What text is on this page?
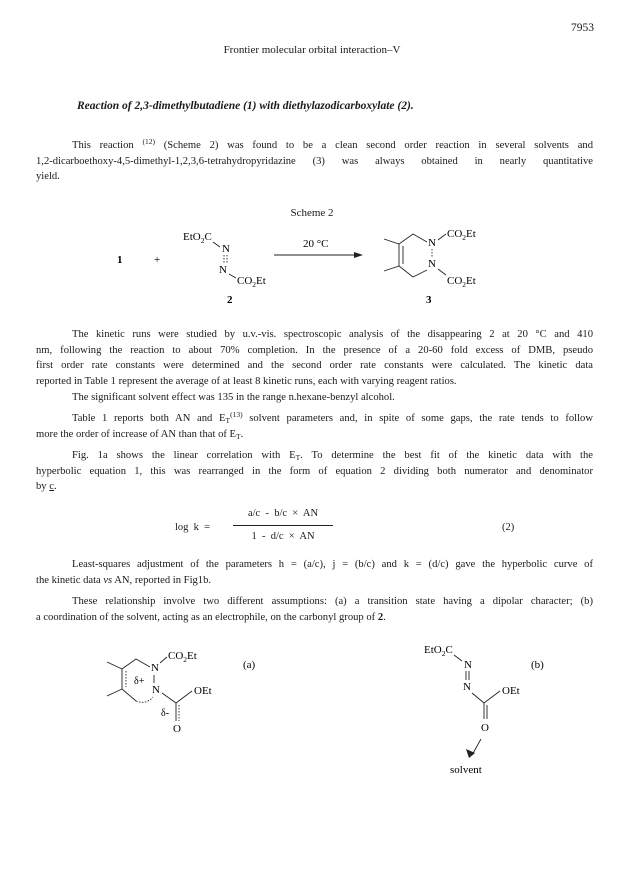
7953
Frontier molecular orbital interaction–V
Reaction of 2,3-dimethylbutadiene (1) with diethylazodicarboxylate (2).
This reaction $^{(12)}$ (Scheme 2) was found to be a clean second order reaction in several solvents and
1,2-dicarboethoxy-4,5-dimethyl-1,2,3,6-tetrahydropyridazine (3) was always obtained in nearly quantitative
yield.
Scheme 2
1	+
EtO$_2$C
N
N
$CO_2Et$
2
20 °C	N
N
$CO_2Et$
$CO_2Et$
3
The kinetic runs were studied by u.v.-vis. spectroscopic analysis of the disappearing 2 at 20 °C and 410
nm, following the reaction to about 70% completion. In the presence of a 20-60 fold excess of DMB, pseudo
first order rate constants were determined and the second order rate constants were calculated. The kinetic data
reported in Table 1 represent the average of at least 8 kinetic runs, each with varying reagent ratios.
The significant solvent effect was 135 in the range n.hexane-benzyl alcohol.
Table 1 reports both AN and $E_T^{(13)}$ solvent parameters and, in spite of some gaps, the rate tends to follow
more the order of increase of AN than that of $E_T$.
Fig. 1a shows the linear correlation with $E_T$. To determine the best fit of the kinetic data with the
hyperbolic equation 1, this was rearranged in the form of equation 2 dividing both numerator and denominator
by c.
log  k  =
a/c  -  b/c  ×  AN
1  -  d/c  ×  AN
(2)
Least-squares adjustment of the parameters h = (a/c), j = (b/c) and k = (d/c) gave the hyperbolic curve of
the kinetic data vs AN, reported in Fig1b.
These relationship involve two different assumptions: (a) a transition state having a dipolar character; (b)
a coordination of the solvent, acting as an electrophile, on the carbonyl group of 2.
N
$CO_2Et$
N
δ+
OEt
δ-
O
(a)
EtO$_2$C
N
N	OEt
O
solvent
(b)
